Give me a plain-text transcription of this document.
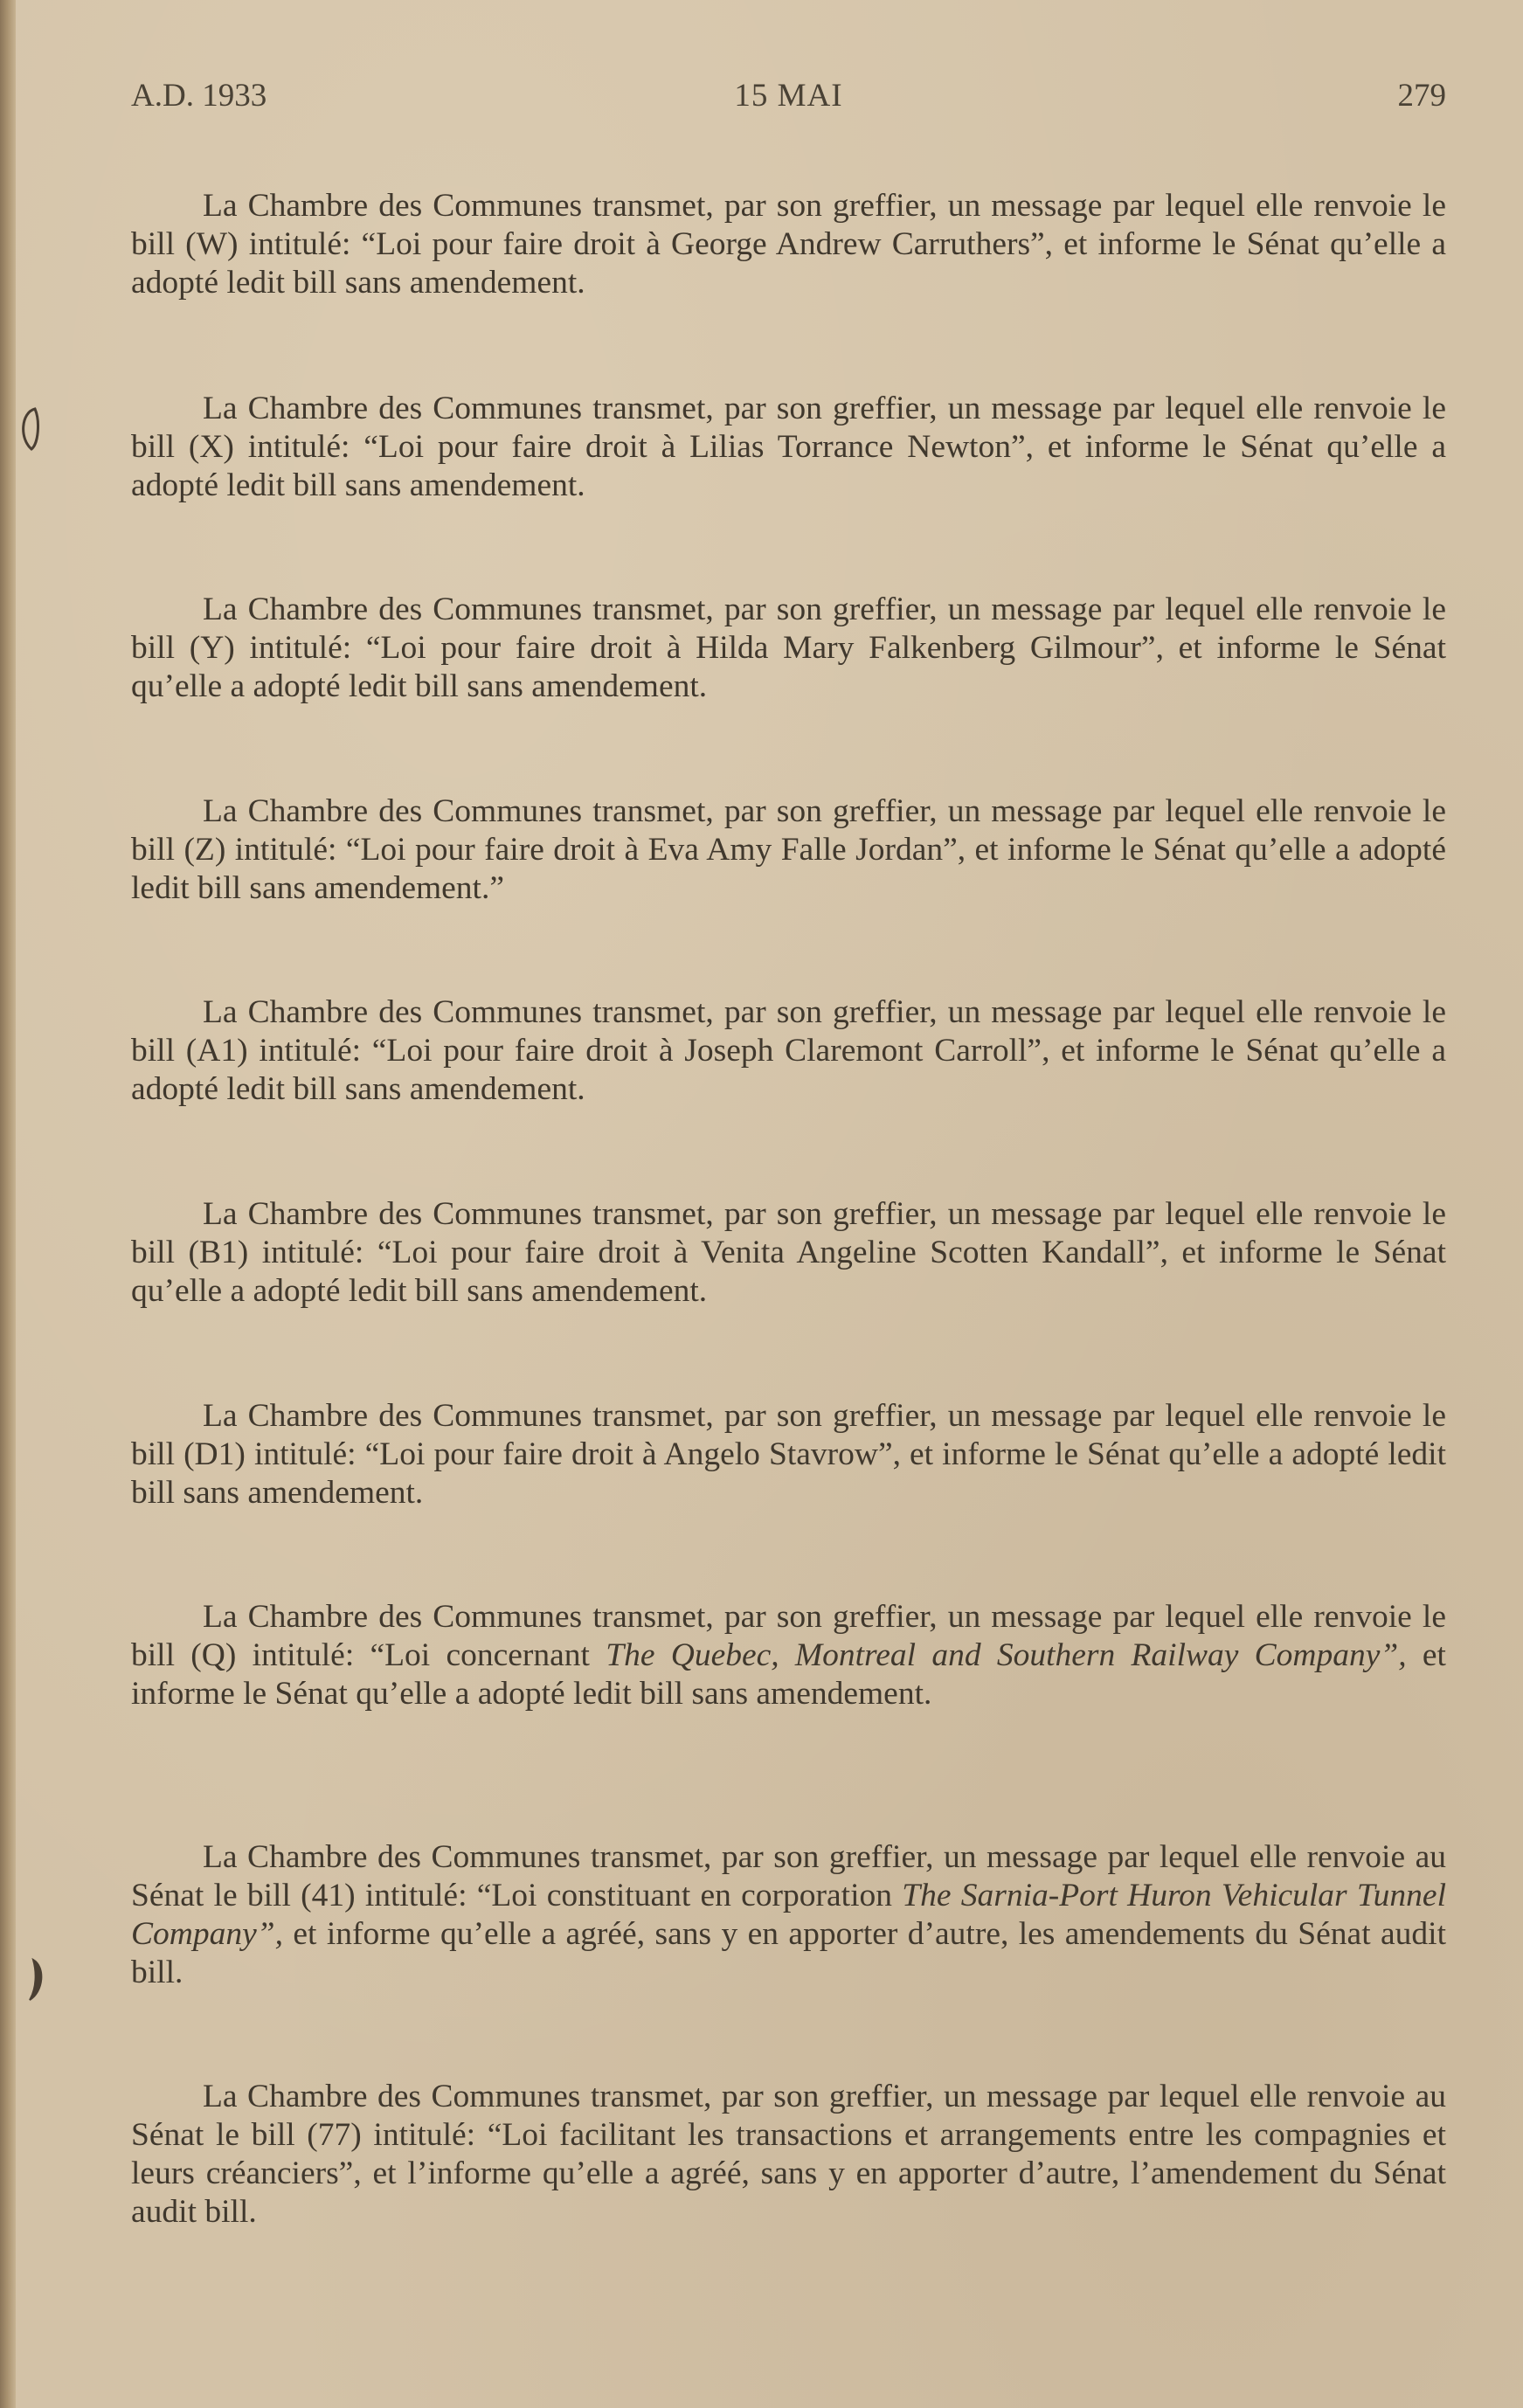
A.D. 1933	15 MAI	279
La Chambre des Communes transmet, par son greffier, un message par lequel elle renvoie le bill (W) intitulé: “Loi pour faire droit à George Andrew Carruthers”, et informe le Sénat qu’elle a adopté ledit bill sans amendement.
La Chambre des Communes transmet, par son greffier, un message par lequel elle renvoie le bill (X) intitulé: “Loi pour faire droit à Lilias Torrance Newton”, et informe le Sénat qu’elle a adopté ledit bill sans amendement.
La Chambre des Communes transmet, par son greffier, un message par lequel elle renvoie le bill (Y) intitulé: “Loi pour faire droit à Hilda Mary Falkenberg Gilmour”, et informe le Sénat qu’elle a adopté ledit bill sans amendement.
La Chambre des Communes transmet, par son greffier, un message par lequel elle renvoie le bill (Z) intitulé: “Loi pour faire droit à Eva Amy Falle Jordan”, et informe le Sénat qu’elle a adopté ledit bill sans amendement.”
La Chambre des Communes transmet, par son greffier, un message par lequel elle renvoie le bill (A1) intitulé: “Loi pour faire droit à Joseph Claremont Carroll”, et informe le Sénat qu’elle a adopté ledit bill sans amendement.
La Chambre des Communes transmet, par son greffier, un message par lequel elle renvoie le bill (B1) intitulé: “Loi pour faire droit à Venita Angeline Scotten Kandall”, et informe le Sénat qu’elle a adopté ledit bill sans amendement.
La Chambre des Communes transmet, par son greffier, un message par lequel elle renvoie le bill (D1) intitulé: “Loi pour faire droit à Angelo Stavrow”, et informe le Sénat qu’elle a adopté ledit bill sans amendement.
La Chambre des Communes transmet, par son greffier, un message par lequel elle renvoie le bill (Q) intitulé: “Loi concernant The Quebec, Montreal and Southern Railway Company”, et informe le Sénat qu’elle a adopté ledit bill sans amendement.
La Chambre des Communes transmet, par son greffier, un message par lequel elle renvoie au Sénat le bill (41) intitulé: “Loi constituant en corporation The Sarnia-Port Huron Vehicular Tunnel Company”, et informe qu’elle a agréé, sans y en apporter d’autre, les amendements du Sénat audit bill.
La Chambre des Communes transmet, par son greffier, un message par lequel elle renvoie au Sénat le bill (77) intitulé: “Loi facilitant les transactions et arrangements entre les compagnies et leurs créanciers”, et l’informe qu’elle a agréé, sans y en apporter d’autre, l’amendement du Sénat audit bill.
